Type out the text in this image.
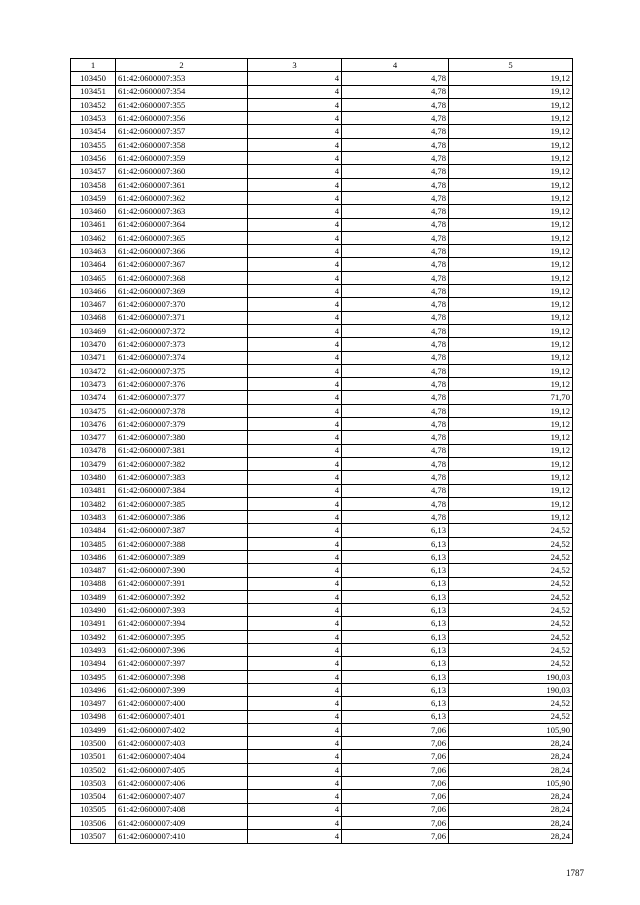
1	2	3	4	5
103450	61:42:0600007:353	4	4,78	19,12
103451	61:42:0600007:354	4	4,78	19,12
103452	61:42:0600007:355	4	4,78	19,12
103453	61:42:0600007:356	4	4,78	19,12
103454	61:42:0600007:357	4	4,78	19,12
103455	61:42:0600007:358	4	4,78	19,12
103456	61:42:0600007:359	4	4,78	19,12
103457	61:42:0600007:360	4	4,78	19,12
103458	61:42:0600007:361	4	4,78	19,12
103459	61:42:0600007:362	4	4,78	19,12
103460	61:42:0600007:363	4	4,78	19,12
103461	61:42:0600007:364	4	4,78	19,12
103462	61:42:0600007:365	4	4,78	19,12
103463	61:42:0600007:366	4	4,78	19,12
103464	61:42:0600007:367	4	4,78	19,12
103465	61:42:0600007:368	4	4,78	19,12
103466	61:42:0600007:369	4	4,78	19,12
103467	61:42:0600007:370	4	4,78	19,12
103468	61:42:0600007:371	4	4,78	19,12
103469	61:42:0600007:372	4	4,78	19,12
103470	61:42:0600007:373	4	4,78	19,12
103471	61:42:0600007:374	4	4,78	19,12
103472	61:42:0600007:375	4	4,78	19,12
103473	61:42:0600007:376	4	4,78	19,12
103474	61:42:0600007:377	4	4,78	71,70
103475	61:42:0600007:378	4	4,78	19,12
103476	61:42:0600007:379	4	4,78	19,12
103477	61:42:0600007:380	4	4,78	19,12
103478	61:42:0600007:381	4	4,78	19,12
103479	61:42:0600007:382	4	4,78	19,12
103480	61:42:0600007:383	4	4,78	19,12
103481	61:42:0600007:384	4	4,78	19,12
103482	61:42:0600007:385	4	4,78	19,12
103483	61:42:0600007:386	4	4,78	19,12
103484	61:42:0600007:387	4	6,13	24,52
103485	61:42:0600007:388	4	6,13	24,52
103486	61:42:0600007:389	4	6,13	24,52
103487	61:42:0600007:390	4	6,13	24,52
103488	61:42:0600007:391	4	6,13	24,52
103489	61:42:0600007:392	4	6,13	24,52
103490	61:42:0600007:393	4	6,13	24,52
103491	61:42:0600007:394	4	6,13	24,52
103492	61:42:0600007:395	4	6,13	24,52
103493	61:42:0600007:396	4	6,13	24,52
103494	61:42:0600007:397	4	6,13	24,52
103495	61:42:0600007:398	4	6,13	190,03
103496	61:42:0600007:399	4	6,13	190,03
103497	61:42:0600007:400	4	6,13	24,52
103498	61:42:0600007:401	4	6,13	24,52
103499	61:42:0600007:402	4	7,06	105,90
103500	61:42:0600007:403	4	7,06	28,24
103501	61:42:0600007:404	4	7,06	28,24
103502	61:42:0600007:405	4	7,06	28,24
103503	61:42:0600007:406	4	7,06	105,90
103504	61:42:0600007:407	4	7,06	28,24
103505	61:42:0600007:408	4	7,06	28,24
103506	61:42:0600007:409	4	7,06	28,24
103507	61:42:0600007:410	4	7,06	28,24
1787
